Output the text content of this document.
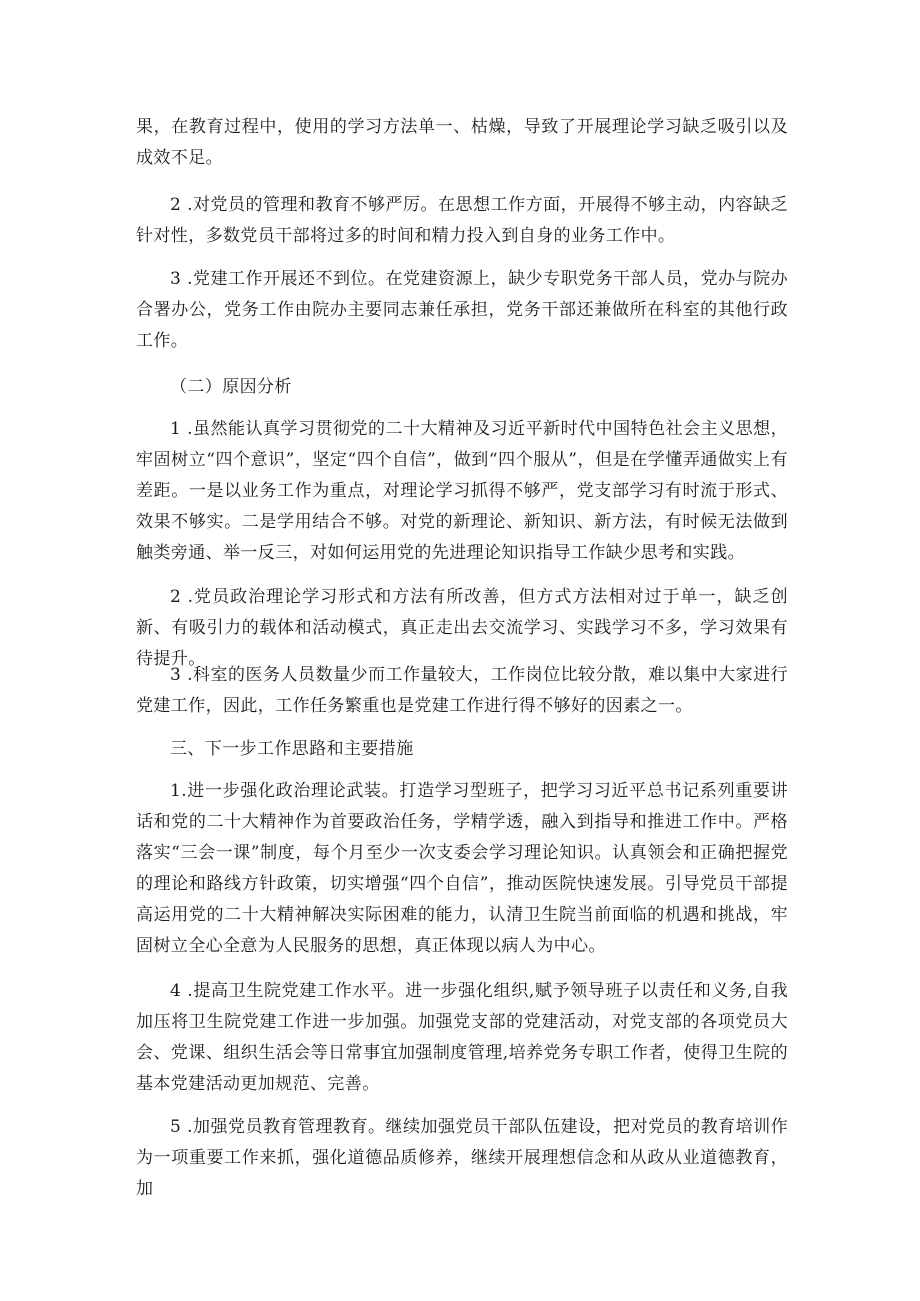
果，在教育过程中，使用的学习方法单一、枯燥，导致了开展理论学习缺乏吸引以及成效不足。

2 .对党员的管理和教育不够严厉。在思想工作方面，开展得不够主动，内容缺乏针对性，多数党员干部将过多的时间和精力投入到自身的业务工作中。

3 .党建工作开展还不到位。在党建资源上，缺少专职党务干部人员，党办与院办合署办公，党务工作由院办主要同志兼任承担，党务干部还兼做所在科室的其他行政工作。

（二）原因分析

1 .虽然能认真学习贯彻党的二十大精神及习近平新时代中国特色社会主义思想，牢固树立“四个意识”，坚定“四个自信”，做到“四个服从”，但是在学懂弄通做实上有差距。一是以业务工作为重点，对理论学习抓得不够严，党支部学习有时流于形式、效果不够实。二是学用结合不够。对党的新理论、新知识、新方法，有时候无法做到触类旁通、举一反三，对如何运用党的先进理论知识指导工作缺少思考和实践。

2 .党员政治理论学习形式和方法有所改善，但方式方法相对过于单一，缺乏创新、有吸引力的载体和活动模式，真正走出去交流学习、实践学习不多，学习效果有待提升。

3 .科室的医务人员数量少而工作量较大，工作岗位比较分散，难以集中大家进行党建工作，因此，工作任务繁重也是党建工作进行得不够好的因素之一。

三、下一步工作思路和主要措施

1.进一步强化政治理论武装。打造学习型班子，把学习习近平总书记系列重要讲话和党的二十大精神作为首要政治任务，学精学透，融入到指导和推进工作中。严格落实“三会一课”制度，每个月至少一次支委会学习理论知识。认真领会和正确把握党的理论和路线方针政策，切实增强“四个自信”，推动医院快速发展。引导党员干部提高运用党的二十大精神解决实际困难的能力，认清卫生院当前面临的机遇和挑战，牢固树立全心全意为人民服务的思想，真正体现以病人为中心。

4 .提高卫生院党建工作水平。进一步强化组织,赋予领导班子以责任和义务,自我加压将卫生院党建工作进一步加强。加强党支部的党建活动，对党支部的各项党员大会、党课、组织生活会等日常事宜加强制度管理,培养党务专职工作者，使得卫生院的基本党建活动更加规范、完善。

5 .加强党员教育管理教育。继续加强党员干部队伍建设，把对党员的教育培训作为一项重要工作来抓，强化道德品质修养，继续开展理想信念和从政从业道德教育，加
